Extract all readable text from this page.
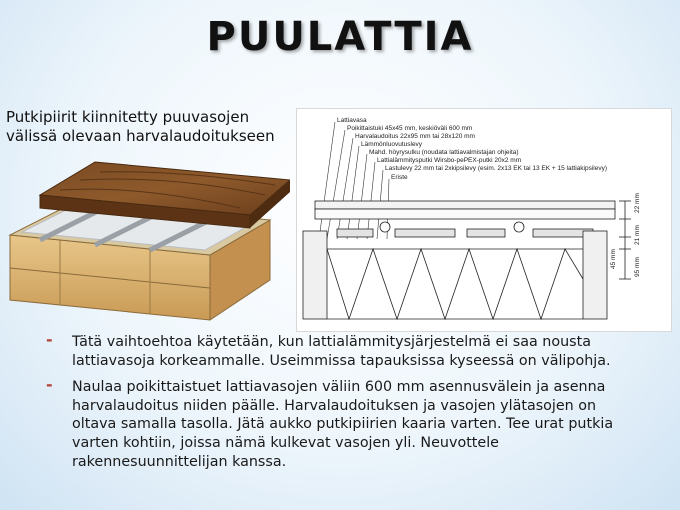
PUULATTIA
Putkipiirit kiinnitetty puuvasojen välissä olevaan harvalaudoitukseen
Lattiavasa
Poikittaistuki 45x45 mm, keskiöväli 600 mm
Harvalaudoitus 22x95 mm tai 28x120 mm
Lämmönluovutuslevy
Mahd. höyrysulku (noudata lattiavalmistajan ohjeita)
Lattialämmitysputki Wirsbo-pePEX-putki 20x2 mm
Lastulevy 22 mm tai 2xkipsilevy (esim. 2x13 EK tai 13 EK + 15 lattiakipsilevy)
Eriste
22 mm
21 mm
45 mm	95 mm
- Tätä vaihtoehtoa käytetään, kun lattialämmitysjärjestelmä ei saa nousta lattiavasoja korkeammalle. Useimmissa tapauksissa kyseessä on välipohja.
- Naulaa poikittaistuet lattiavasojen väliin 600 mm asennusvälein ja asenna harvalaudoitus niiden päälle. Harvalaudoituksen ja vasojen ylätasojen on oltava samalla tasolla. Jätä aukko putkipiirien kaaria varten. Tee urat putkia varten kohtiin, joissa nämä kulkevat vasojen yli. Neuvottele rakennesuunnittelijan kanssa.
